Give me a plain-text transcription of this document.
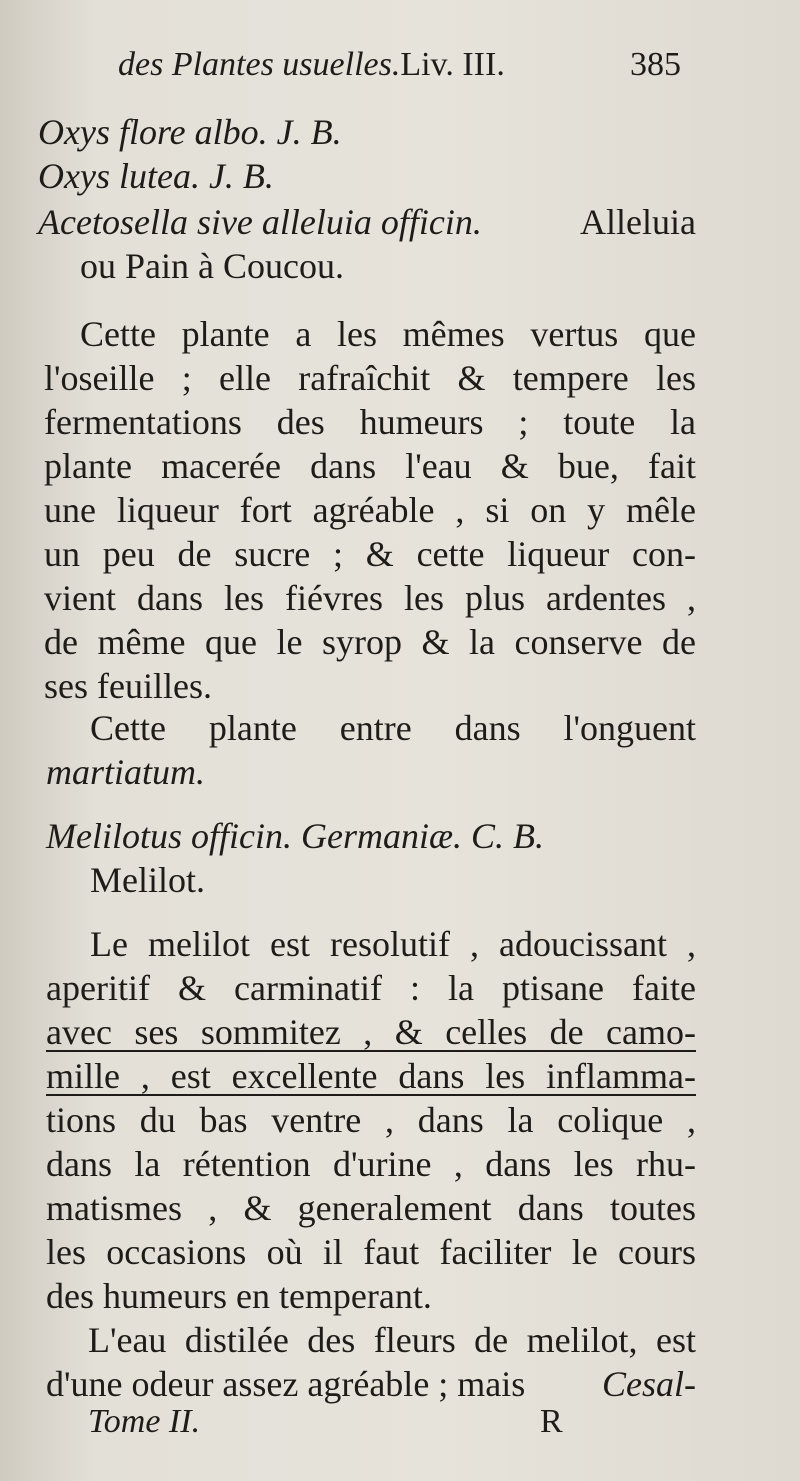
des Plantes usuelles.Liv. III.	385
Oxys flore albo. J. B.
Oxys lutea. J. B.
Acetosella sive alleluia officin.	Alleluia
ou Pain à Coucou.
Cette plante a les mêmes vertus que
l'oseille ; elle rafraîchit & tempere les
fermentations des humeurs ; toute la
plante macerée dans l'eau & bue, fait
une liqueur fort agréable , si on y mêle
un peu de sucre ; & cette liqueur con-
vient dans les fiévres les plus ardentes ,
de même que le syrop & la conserve de
ses feuilles.
Cette plante entre dans l'onguent
martiatum.
Melilotus officin. Germaniæ. C. B.
Melilot.
Le melilot est resolutif , adoucissant ,
aperitif & carminatif : la ptisane faite
avec ses sommitez , & celles de camo-
mille , est excellente dans les inflamma-
tions du bas ventre , dans la colique ,
dans la rétention d'urine , dans les rhu-
matismes , & generalement dans toutes
les occasions où il faut faciliter le cours
des humeurs en temperant.
L'eau distilée des fleurs de melilot, est
d'une odeur assez agréable ; mais Cesal-
Tome II.	R
